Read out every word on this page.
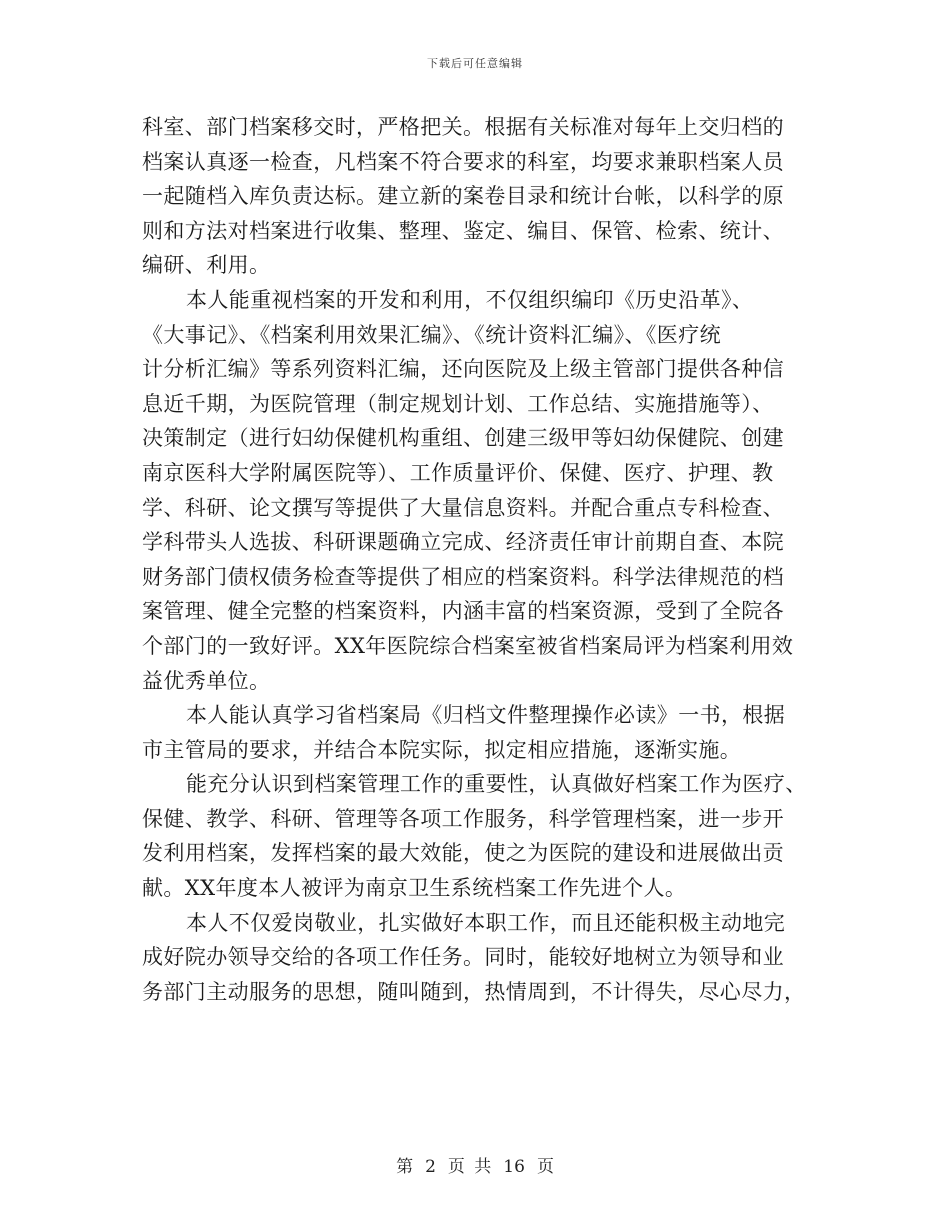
下载后可任意编辑
科室、部门档案移交时，严格把关。根据有关标准对每年上交归档的
档案认真逐一检查，凡档案不符合要求的科室，均要求兼职档案人员
一起随档入库负责达标。建立新的案卷目录和统计台帐，以科学的原
则和方法对档案进行收集、整理、鉴定、编目、保管、检索、统计、
编研、利用。
本人能重视档案的开发和利用，不仅组织编印《历史沿革》、
《大事记》、《档案利用效果汇编》、《统计资料汇编》、《医疗统
计分析汇编》等系列资料汇编，还向医院及上级主管部门提供各种信
息近千期，为医院管理（制定规划计划、工作总结、实施措施等）、
决策制定（进行妇幼保健机构重组、创建三级甲等妇幼保健院、创建
南京医科大学附属医院等）、工作质量评价、保健、医疗、护理、教
学、科研、论文撰写等提供了大量信息资料。并配合重点专科检查、
学科带头人选拔、科研课题确立完成、经济责任审计前期自查、本院
财务部门债权债务检查等提供了相应的档案资料。科学法律规范的档
案管理、健全完整的档案资料，内涵丰富的档案资源，受到了全院各
个部门的一致好评。XX年医院综合档案室被省档案局评为档案利用效
益优秀单位。
本人能认真学习省档案局《归档文件整理操作必读》一书，根据
市主管局的要求，并结合本院实际，拟定相应措施，逐渐实施。
能充分认识到档案管理工作的重要性，认真做好档案工作为医疗、
保健、教学、科研、管理等各项工作服务，科学管理档案，进一步开
发利用档案，发挥档案的最大效能，使之为医院的建设和进展做出贡
献。XX年度本人被评为南京卫生系统档案工作先进个人。
本人不仅爱岗敬业，扎实做好本职工作，而且还能积极主动地完
成好院办领导交给的各项工作任务。同时，能较好地树立为领导和业
务部门主动服务的思想，随叫随到，热情周到，不计得失，尽心尽力，
第 2 页 共 16 页
